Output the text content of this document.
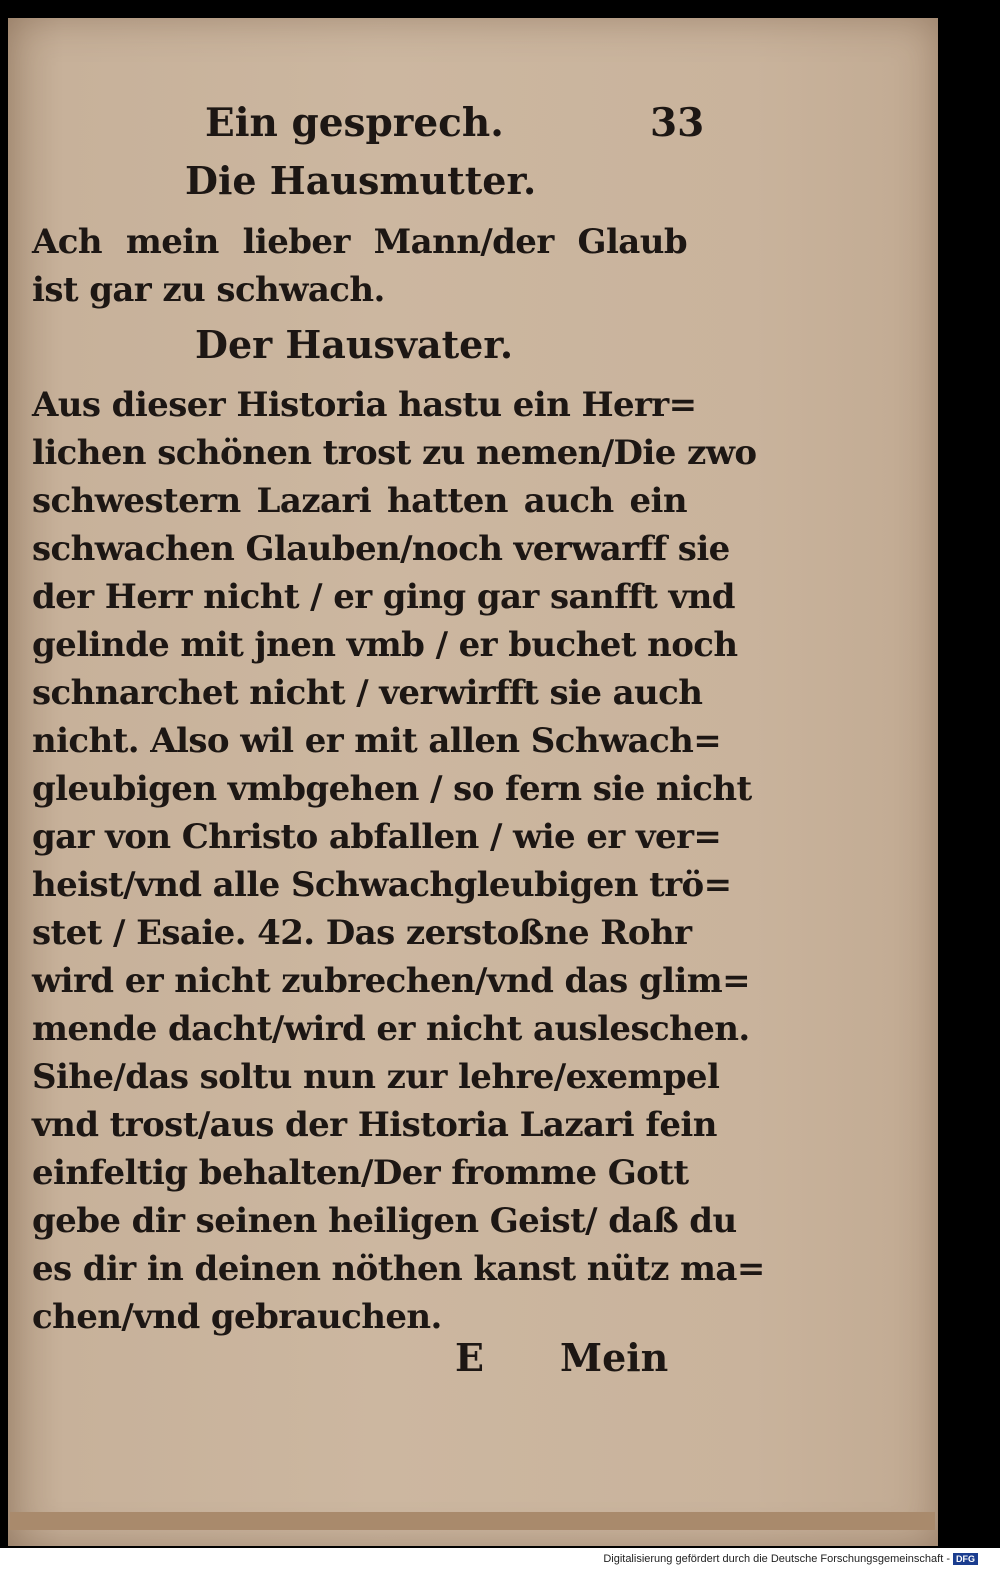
Ein gesprech.	33
Die Hausmutter.
Ach mein lieber Mann/der Glaub
ist gar zu schwach.
Der Hausvater.
Aus dieser Historia hastu ein Herr=
lichen schönen trost zu nemen/Die zwo
schwestern Lazari hatten auch ein
schwachen Glauben/noch verwarff sie
der Herr nicht / er ging gar sanfft vnd
gelinde mit jnen vmb / er buchet noch
schnarchet nicht / verwirfft sie auch
nicht. Also wil er mit allen Schwach=
gleubigen vmbgehen / so fern sie nicht
gar von Christo abfallen / wie er ver=
heist/vnd alle Schwachgleubigen trö=
stet / Esaie. 42. Das zerstoßne Rohr
wird er nicht zubrechen/vnd das glim=
mende dacht/wird er nicht ausleschen.
Sihe/das soltu nun zur lehre/exempel
vnd trost/aus der Historia Lazari fein
einfeltig behalten/Der fromme Gott
gebe dir seinen heiligen Geist/ daß du
es dir in deinen nöthen kanst nütz ma=
chen/vnd gebrauchen.
E Mein
Digitalisierung gefördert durch die Deutsche Forschungsgemeinschaft - DFG
